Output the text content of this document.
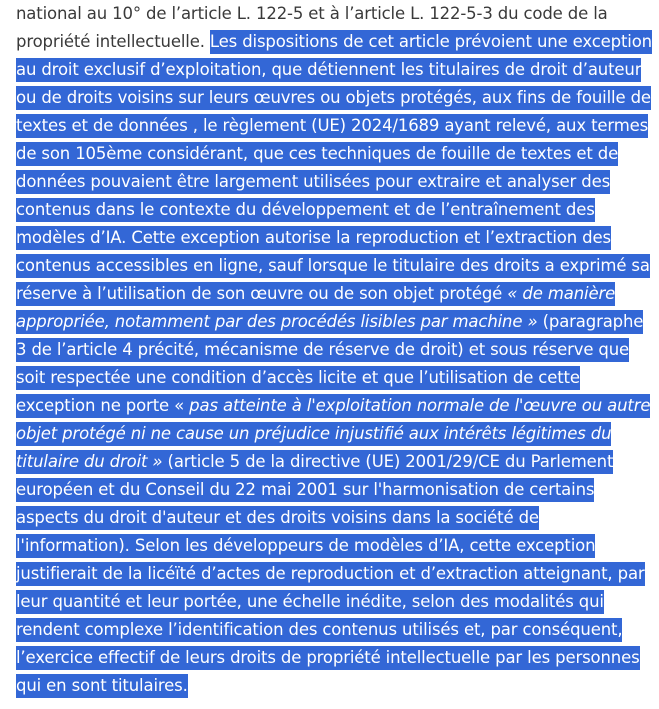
national au 10° de l’article L. 122-5 et à l’article L. 122-5-3 du code de la
propriété intellectuelle. Les dispositions de cet article prévoient une exception
au droit exclusif d’exploitation, que détiennent les titulaires de droit d’auteur
ou de droits voisins sur leurs œuvres ou objets protégés, aux fins de fouille de
textes et de données , le règlement (UE) 2024/1689 ayant relevé, aux termes
de son 105ème considérant, que ces techniques de fouille de textes et de
données pouvaient être largement utilisées pour extraire et analyser des
contenus dans le contexte du développement et de l’entraînement des
modèles d’IA. Cette exception autorise la reproduction et l’extraction des
contenus accessibles en ligne, sauf lorsque le titulaire des droits a exprimé sa
réserve à l’utilisation de son œuvre ou de son objet protégé « de manière
appropriée, notamment par des procédés lisibles par machine » (paragraphe
3 de l’article 4 précité, mécanisme de réserve de droit) et sous réserve que
soit respectée une condition d’accès licite et que l’utilisation de cette
exception ne porte « pas atteinte à l'exploitation normale de l'œuvre ou autre
objet protégé ni ne cause un préjudice injustifié aux intérêts légitimes du
titulaire du droit » (article 5 de la directive (UE) 2001/29/CE du Parlement
européen et du Conseil du 22 mai 2001 sur l'harmonisation de certains
aspects du droit d'auteur et des droits voisins dans la société de
l'information). Selon les développeurs de modèles d’IA, cette exception
justifierait de la licéïté d’actes de reproduction et d’extraction atteignant, par
leur quantité et leur portée, une échelle inédite, selon des modalités qui
rendent complexe l’identification des contenus utilisés et, par conséquent,
l’exercice effectif de leurs droits de propriété intellectuelle par les personnes
qui en sont titulaires.
